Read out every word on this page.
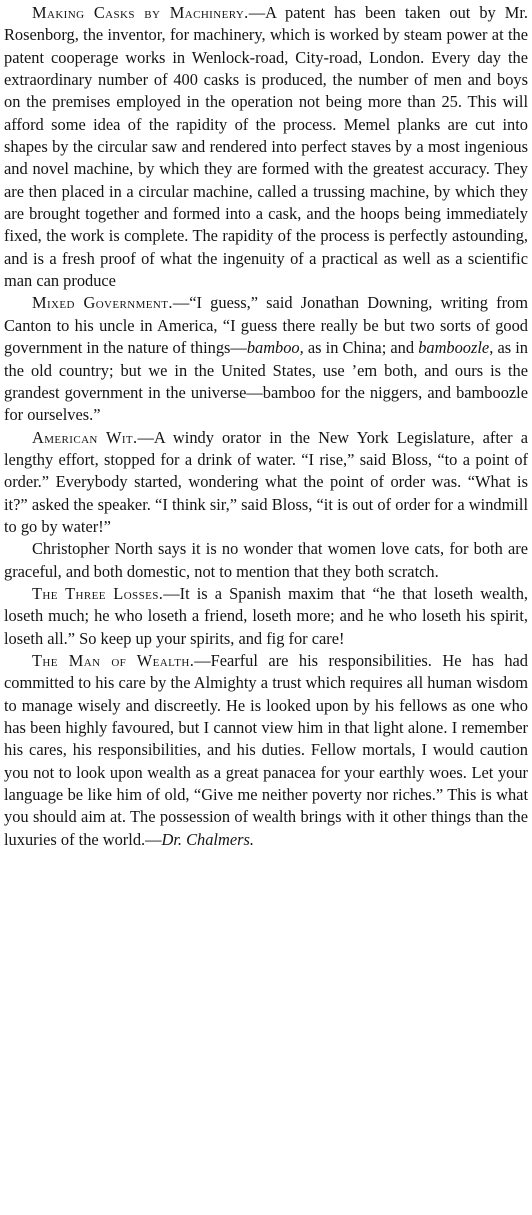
Making Casks by Machinery.—A patent has been taken out by Mr. Rosenborg, the inventor, for machinery, which is worked by steam power at the patent cooperage works in Wenlock-road, City-road, London. Every day the extraordinary number of 400 casks is produced, the number of men and boys on the premises employed in the operation not being more than 25. This will afford some idea of the rapidity of the process. Memel planks are cut into shapes by the circular saw and rendered into perfect staves by a most ingenious and novel machine, by which they are formed with the greatest accuracy. They are then placed in a circular machine, called a trussing machine, by which they are brought together and formed into a cask, and the hoops being immediately fixed, the work is complete. The rapidity of the process is perfectly astounding, and is a fresh proof of what the ingenuity of a practical as well as a scientific man can produce

Mixed Government.—“I guess,” said Jonathan Downing, writing from Canton to his uncle in America, “I guess there really be but two sorts of good government in the nature of things—bamboo, as in China; and bamboozle, as in the old country; but we in the United States, use ’em both, and ours is the grandest government in the universe—bamboo for the niggers, and bamboozle for ourselves.”

American Wit.—A windy orator in the New York Legislature, after a lengthy effort, stopped for a drink of water. “I rise,” said Bloss, “to a point of order.” Everybody started, wondering what the point of order was. “What is it?” asked the speaker. “I think sir,” said Bloss, “it is out of order for a windmill to go by water!”

Christopher North says it is no wonder that women love cats, for both are graceful, and both domestic, not to mention that they both scratch.

The Three Losses.—It is a Spanish maxim that “he that loseth wealth, loseth much; he who loseth a friend, loseth more; and he who loseth his spirit, loseth all.” So keep up your spirits, and fig for care!

The Man of Wealth.—Fearful are his responsibilities. He has had committed to his care by the Almighty a trust which requires all human wisdom to manage wisely and discreetly. He is looked upon by his fellows as one who has been highly favoured, but I cannot view him in that light alone. I remember his cares, his responsibilities, and his duties. Fellow mortals, I would caution you not to look upon wealth as a great panacea for your earthly woes. Let your language be like him of old, “Give me neither poverty nor riches.” This is what you should aim at. The possession of wealth brings with it other things than the luxuries of the world.—Dr. Chalmers.
